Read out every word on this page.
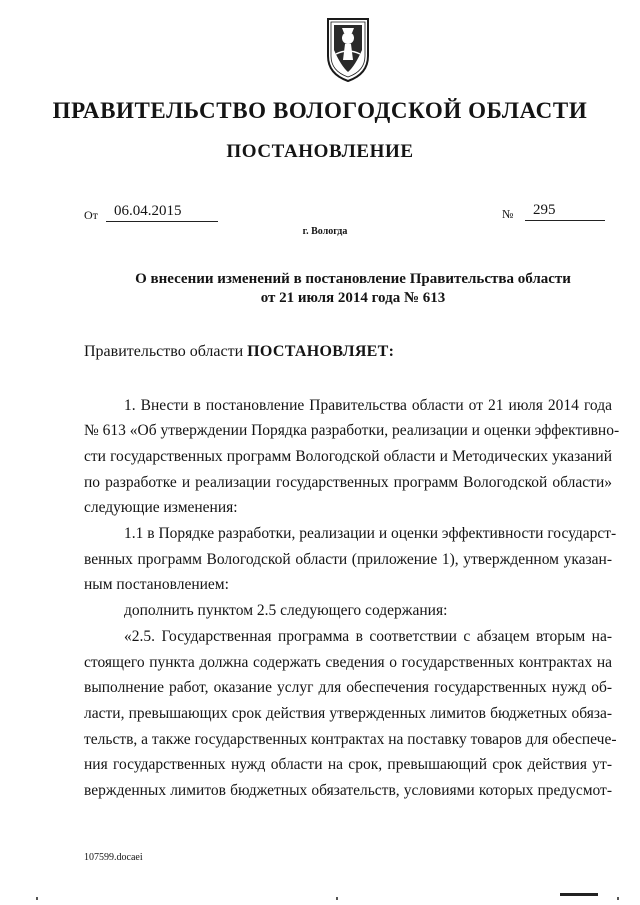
ПРАВИТЕЛЬСТВО ВОЛОГОДСКОЙ ОБЛАСТИ
ПОСТАНОВЛЕНИЕ
От	06.04.2015	№	295
г. Вологда
О внесении изменений в постановление Правительства области
от 21 июля 2014 года № 613
Правительство области ПОСТАНОВЛЯЕТ:
1. Внести в постановление Правительства области от 21 июля 2014 года
№ 613 «Об утверждении Порядка разработки, реализации и оценки эффективно-
сти государственных программ Вологодской области и Методических указаний
по разработке и реализации государственных программ Вологодской области»
следующие изменения:
1.1 в Порядке разработки, реализации и оценки эффективности государст-
венных программ Вологодской области (приложение 1), утвержденном указан-
ным постановлением:
дополнить пунктом 2.5 следующего содержания:
«2.5. Государственная программа в соответствии с абзацем вторым на-
стоящего пункта должна содержать сведения о государственных контрактах на
выполнение работ, оказание услуг для обеспечения государственных нужд об-
ласти, превышающих срок действия утвержденных лимитов бюджетных обяза-
тельств, а также государственных контрактах на поставку товаров для обеспече-
ния государственных нужд области на срок, превышающий срок действия ут-
вержденных лимитов бюджетных обязательств, условиями которых предусмот-
107599.docaei
